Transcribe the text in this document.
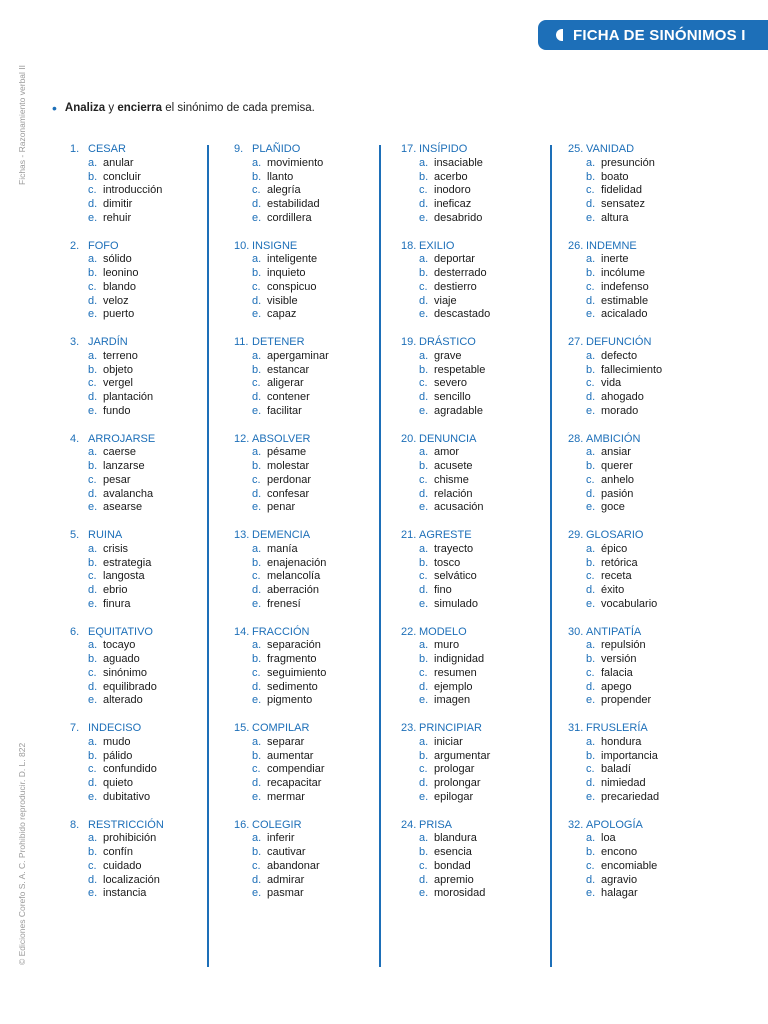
FICHA DE SINÓNIMOS I
Fichas - Razonamiento verbal II
© Ediciones Corefo S. A. C. Prohibido reproducir. D. L. 822
• Analiza y encierra el sinónimo de cada premisa.
1. CESAR
a. anular
b. concluir
c. introducción
d. dimitir
e. rehuir
2. FOFO
a. sólido
b. leonino
c. blando
d. veloz
e. puerto
3. JARDÍN
a. terreno
b. objeto
c. vergel
d. plantación
e. fundo
4. ARROJARSE
a. caerse
b. lanzarse
c. pesar
d. avalancha
e. asearse
5. RUINA
a. crisis
b. estrategia
c. langosta
d. ebrio
e. finura
6. EQUITATIVO
a. tocayo
b. aguado
c. sinónimo
d. equilibrado
e. alterado
7. INDECISO
a. mudo
b. pálido
c. confundido
d. quieto
e. dubitativo
8. RESTRICCIÓN
a. prohibición
b. confín
c. cuidado
d. localización
e. instancia
9. PLAÑIDO
a. movimiento
b. llanto
c. alegría
d. estabilidad
e. cordillera
10. INSIGNE
a. inteligente
b. inquieto
c. conspicuo
d. visible
e. capaz
11. DETENER
a. apergaminar
b. estancar
c. aligerar
d. contener
e. facilitar
12. ABSOLVER
a. pésame
b. molestar
c. perdonar
d. confesar
e. penar
13. DEMENCIA
a. manía
b. enajenación
c. melancolía
d. aberración
e. frenesí
14. FRACCIÓN
a. separación
b. fragmento
c. seguimiento
d. sedimento
e. pigmento
15. COMPILAR
a. separar
b. aumentar
c. compendiar
d. recapacitar
e. mermar
16. COLEGIR
a. inferir
b. cautivar
c. abandonar
d. admirar
e. pasmar
17. INSÍPIDO
a. insaciable
b. acerbo
c. inodoro
d. ineficaz
e. desabrido
18. EXILIO
a. deportar
b. desterrado
c. destierro
d. viaje
e. descastado
19. DRÁSTICO
a. grave
b. respetable
c. severo
d. sencillo
e. agradable
20. DENUNCIA
a. amor
b. acusete
c. chisme
d. relación
e. acusación
21. AGRESTE
a. trayecto
b. tosco
c. selvático
d. fino
e. simulado
22. MODELO
a. muro
b. indignidad
c. resumen
d. ejemplo
e. imagen
23. PRINCIPIAR
a. iniciar
b. argumentar
c. prologar
d. prolongar
e. epilogar
24. PRISA
a. blandura
b. esencia
c. bondad
d. apremio
e. morosidad
25. VANIDAD
a. presunción
b. boato
c. fidelidad
d. sensatez
e. altura
26. INDEMNE
a. inerte
b. incólume
c. indefenso
d. estimable
e. acicalado
27. DEFUNCIÓN
a. defecto
b. fallecimiento
c. vida
d. ahogado
e. morado
28. AMBICIÓN
a. ansiar
b. querer
c. anhelo
d. pasión
e. goce
29. GLOSARIO
a. épico
b. retórica
c. receta
d. éxito
e. vocabulario
30. ANTIPATÍA
a. repulsión
b. versión
c. falacia
d. apego
e. propender
31. FRUSLERÍA
a. hondura
b. importancia
c. baladí
d. nimiedad
e. precariedad
32. APOLOGÍA
a. loa
b. encono
c. encomiable
d. agravio
e. halagar
